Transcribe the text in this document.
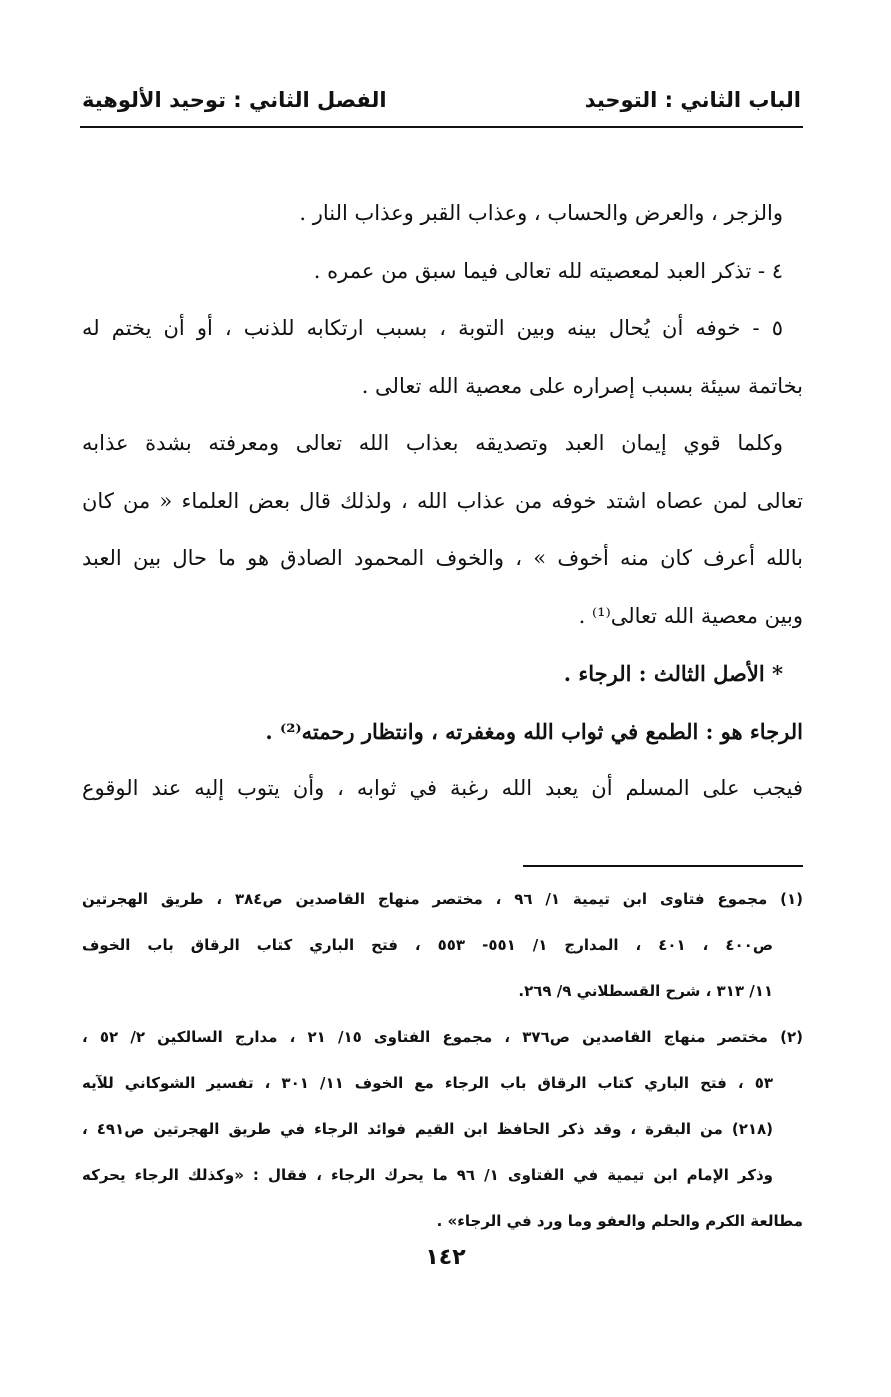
الباب الثاني : التوحيد
الفصل الثاني : توحيد الألوهية
والزجر ، والعرض والحساب ، وعذاب القبر وعذاب النار .
٤ - تذكر العبد لمعصيته لله تعالى فيما سبق من عمره .
٥ - خوفه أن يُحال بينه وبين التوبة ، بسبب ارتكابه للذنب ، أو أن يختم له
بخاتمة سيئة بسبب إصراره على معصية الله تعالى .
وكلما قوي إيمان العبد وتصديقه بعذاب الله تعالى ومعرفته بشدة عذابه
تعالى لمن عصاه اشتد خوفه من عذاب الله ، ولذلك قال بعض العلماء « من كان
بالله أعرف كان منه أخوف » ، والخوف المحمود الصادق هو ما حال بين العبد
وبين معصية الله تعالى⁽¹⁾ .
* الأصل الثالث : الرجاء .
الرجاء هو : الطمع في ثواب الله ومغفرته ، وانتظار رحمته⁽²⁾ .
فيجب على المسلم أن يعبد الله رغبة في ثوابه ، وأن يتوب إليه عند الوقوع
(١) مجموع فتاوى ابن تيمية ١/ ٩٦ ، مختصر منهاج القاصدين ص٣٨٤ ، طريق الهجرتين
ص٤٠٠ ، ٤٠١ ، المدارج ١/ ٥٥١- ٥٥٣ ، فتح الباري كتاب الرقاق باب الخوف
١١/ ٣١٣ ، شرح القسطلاني ٩/ ٢٦٩.
(٢) مختصر منهاج القاصدين ص٣٧٦ ، مجموع الفتاوى ١٥/ ٢١ ، مدارج السالكين ٢/ ٥٢ ،
٥٣ ، فتح الباري كتاب الرقاق باب الرجاء مع الخوف ١١/ ٣٠١ ، تفسير الشوكاني للآيه
(٢١٨) من البقرة ، وقد ذكر الحافظ ابن القيم فوائد الرجاء في طريق الهجرتين ص٤٩١ ،
وذكر الإمام ابن تيمية في الفتاوى ١/ ٩٦ ما يحرك الرجاء ، فقال : «وكذلك الرجاء يحركه
مطالعة الكرم والحلم والعفو وما ورد في الرجاء» .
١٤٢
